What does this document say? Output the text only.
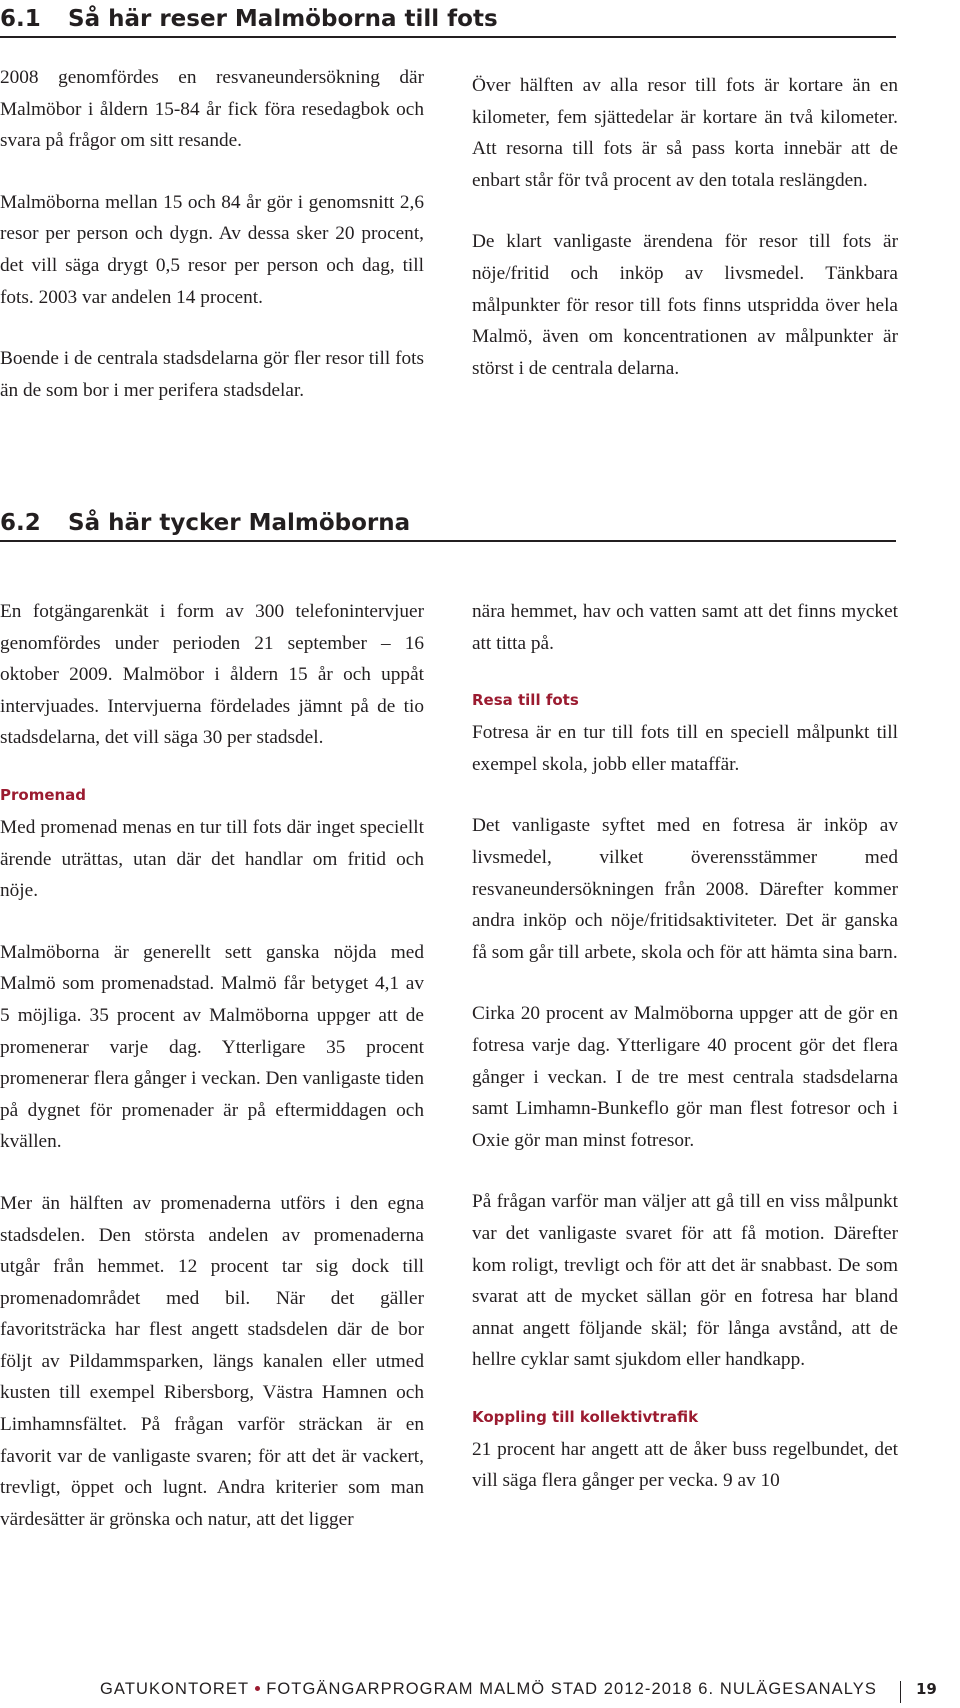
6.1	Så här reser Malmöborna till fots

2008 genomfördes en resvaneundersökning där Malmöbor i åldern 15-84 år fick föra resedagbok och svara på frågor om sitt resande.

Malmöborna mellan 15 och 84 år gör i genomsnitt 2,6 resor per person och dygn. Av dessa sker 20 procent, det vill säga drygt 0,5 resor per person och dag, till fots. 2003 var andelen 14 procent.

Boende i de centrala stadsdelarna gör fler resor till fots än de som bor i mer perifera stadsdelar.

Över hälften av alla resor till fots är kortare än en kilometer, fem sjättedelar är kortare än två kilometer. Att resorna till fots är så pass korta innebär att de enbart står för två procent av den totala reslängden.

De klart vanligaste ärendena för resor till fots är nöje/fritid och inköp av livsmedel. Tänkbara målpunkter för resor till fots finns utspridda över hela Malmö, även om koncentrationen av målpunkter är störst i de centrala delarna.

6.2	Så här tycker Malmöborna

En fotgängarenkät i form av 300 telefonintervjuer genomfördes under perioden 21 september – 16 oktober 2009. Malmöbor i åldern 15 år och uppåt intervjuades. Intervjuerna fördelades jämnt på de tio stadsdelarna, det vill säga 30 per stadsdel.

Promenad

Med promenad menas en tur till fots där inget speciellt ärende uträttas, utan där det handlar om fritid och nöje.

Malmöborna är generellt sett ganska nöjda med Malmö som promenadstad. Malmö får betyget 4,1 av 5 möjliga. 35 procent av Malmöborna uppger att de promenerar varje dag. Ytterligare 35 procent promenerar flera gånger i veckan. Den vanligaste tiden på dygnet för promenader är på eftermiddagen och kvällen.

Mer än hälften av promenaderna utförs i den egna stadsdelen. Den största andelen av promenaderna utgår från hemmet. 12 procent tar sig dock till promenadområdet med bil. När det gäller favoritsträcka har flest angett stadsdelen där de bor följt av Pildammsparken, längs kanalen eller utmed kusten till exempel Ribersborg, Västra Hamnen och Limhamnsfältet. På frågan varför sträckan är en favorit var de vanligaste svaren; för att det är vackert, trevligt, öppet och lugnt. Andra kriterier som man värdesätter är grönska och natur, att det ligger

nära hemmet, hav och vatten samt att det finns mycket att titta på.

Resa till fots

Fotresa är en tur till fots till en speciell målpunkt till exempel skola, jobb eller mataffär.

Det vanligaste syftet med en fotresa är inköp av livsmedel, vilket överensstämmer med resvaneundersökningen från 2008. Därefter kommer andra inköp och nöje/fritidsaktiviteter. Det är ganska få som går till arbete, skola och för att hämta sina barn.

Cirka 20 procent av Malmöborna uppger att de gör en fotresa varje dag. Ytterligare 40 procent gör det flera gånger i veckan. I de tre mest centrala stadsdelarna samt Limhamn-Bunkeflo gör man flest fotresor och i Oxie gör man minst fotresor.

På frågan varför man väljer att gå till en viss målpunkt var det vanligaste svaret för att få motion. Därefter kom roligt, trevligt och för att det är snabbast. De som svarat att de mycket sällan gör en fotresa har bland annat angett följande skäl; för långa avstånd, att de hellre cyklar samt sjukdom eller handkapp.

Koppling till kollektivtrafik

21 procent har angett att de åker buss regelbundet, det vill säga flera gånger per vecka. 9 av 10

GATUKONTORET FOTGÄNGARPROGRAM MALMÖ STAD 2012-2018 6. NULÄGESANALYS	19
